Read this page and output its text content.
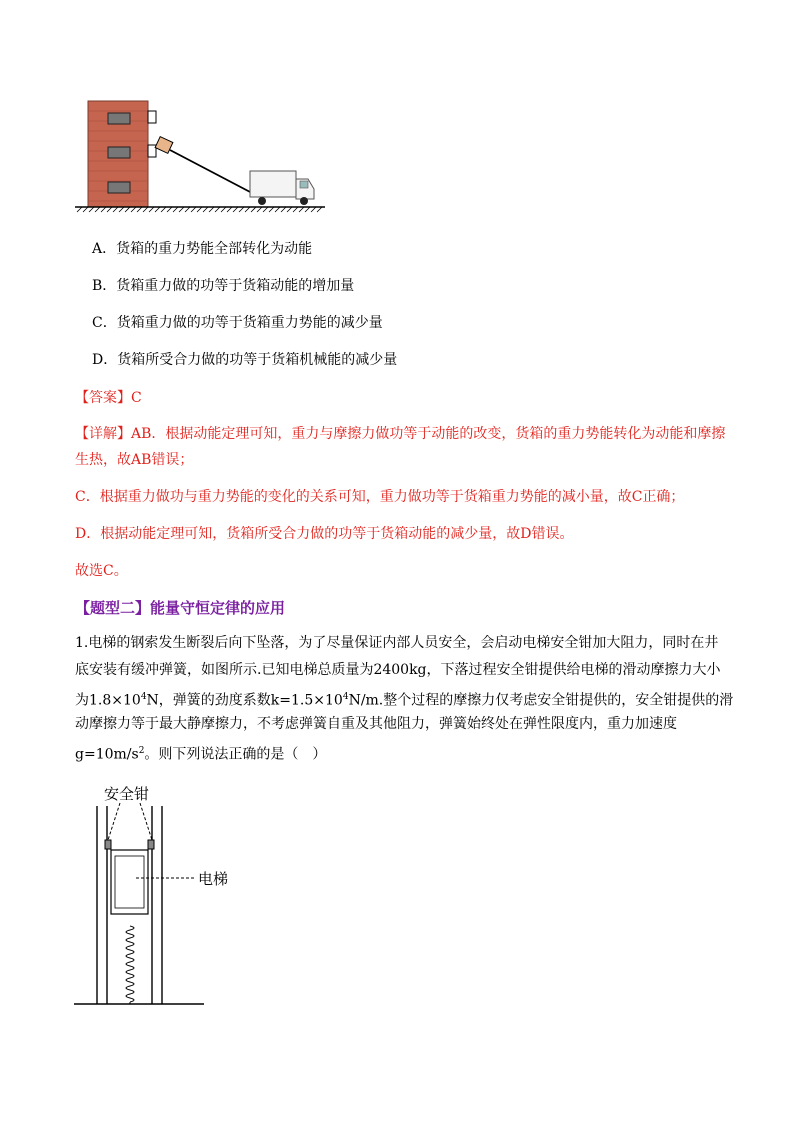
A．货箱的重力势能全部转化为动能
B．货箱重力做的功等于货箱动能的增加量
C．货箱重力做的功等于货箱重力势能的减少量
D．货箱所受合力做的功等于货箱机械能的减少量
【答案】C
【详解】AB．根据动能定理可知，重力与摩擦力做功等于动能的改变，货箱的重力势能转化为动能和摩擦
生热，故AB错误；
C．根据重力做功与重力势能的变化的关系可知，重力做功等于货箱重力势能的减小量，故C正确；
D．根据动能定理可知，货箱所受合力做的功等于货箱动能的减少量，故D错误。
故选C。
【题型二】能量守恒定律的应用
1.电梯的钢索发生断裂后向下坠落，为了尽量保证内部人员安全，会启动电梯安全钳加大阻力，同时在井
底安装有缓冲弹簧，如图所示.已知电梯总质量为2400kg，下落过程安全钳提供给电梯的滑动摩擦力大小
为$1.8\times 10^4N$，弹簧的劲度系数$k=1.5\times 10^4N/m$.整个过程的摩擦力仅考虑安全钳提供的，安全钳提供的滑
动摩擦力等于最大静摩擦力，不考虑弹簧自重及其他阻力，弹簧始终处在弹性限度内，重力加速度
$g=10m/s^2$。则下列说法正确的是（　）
安全钳
电梯
